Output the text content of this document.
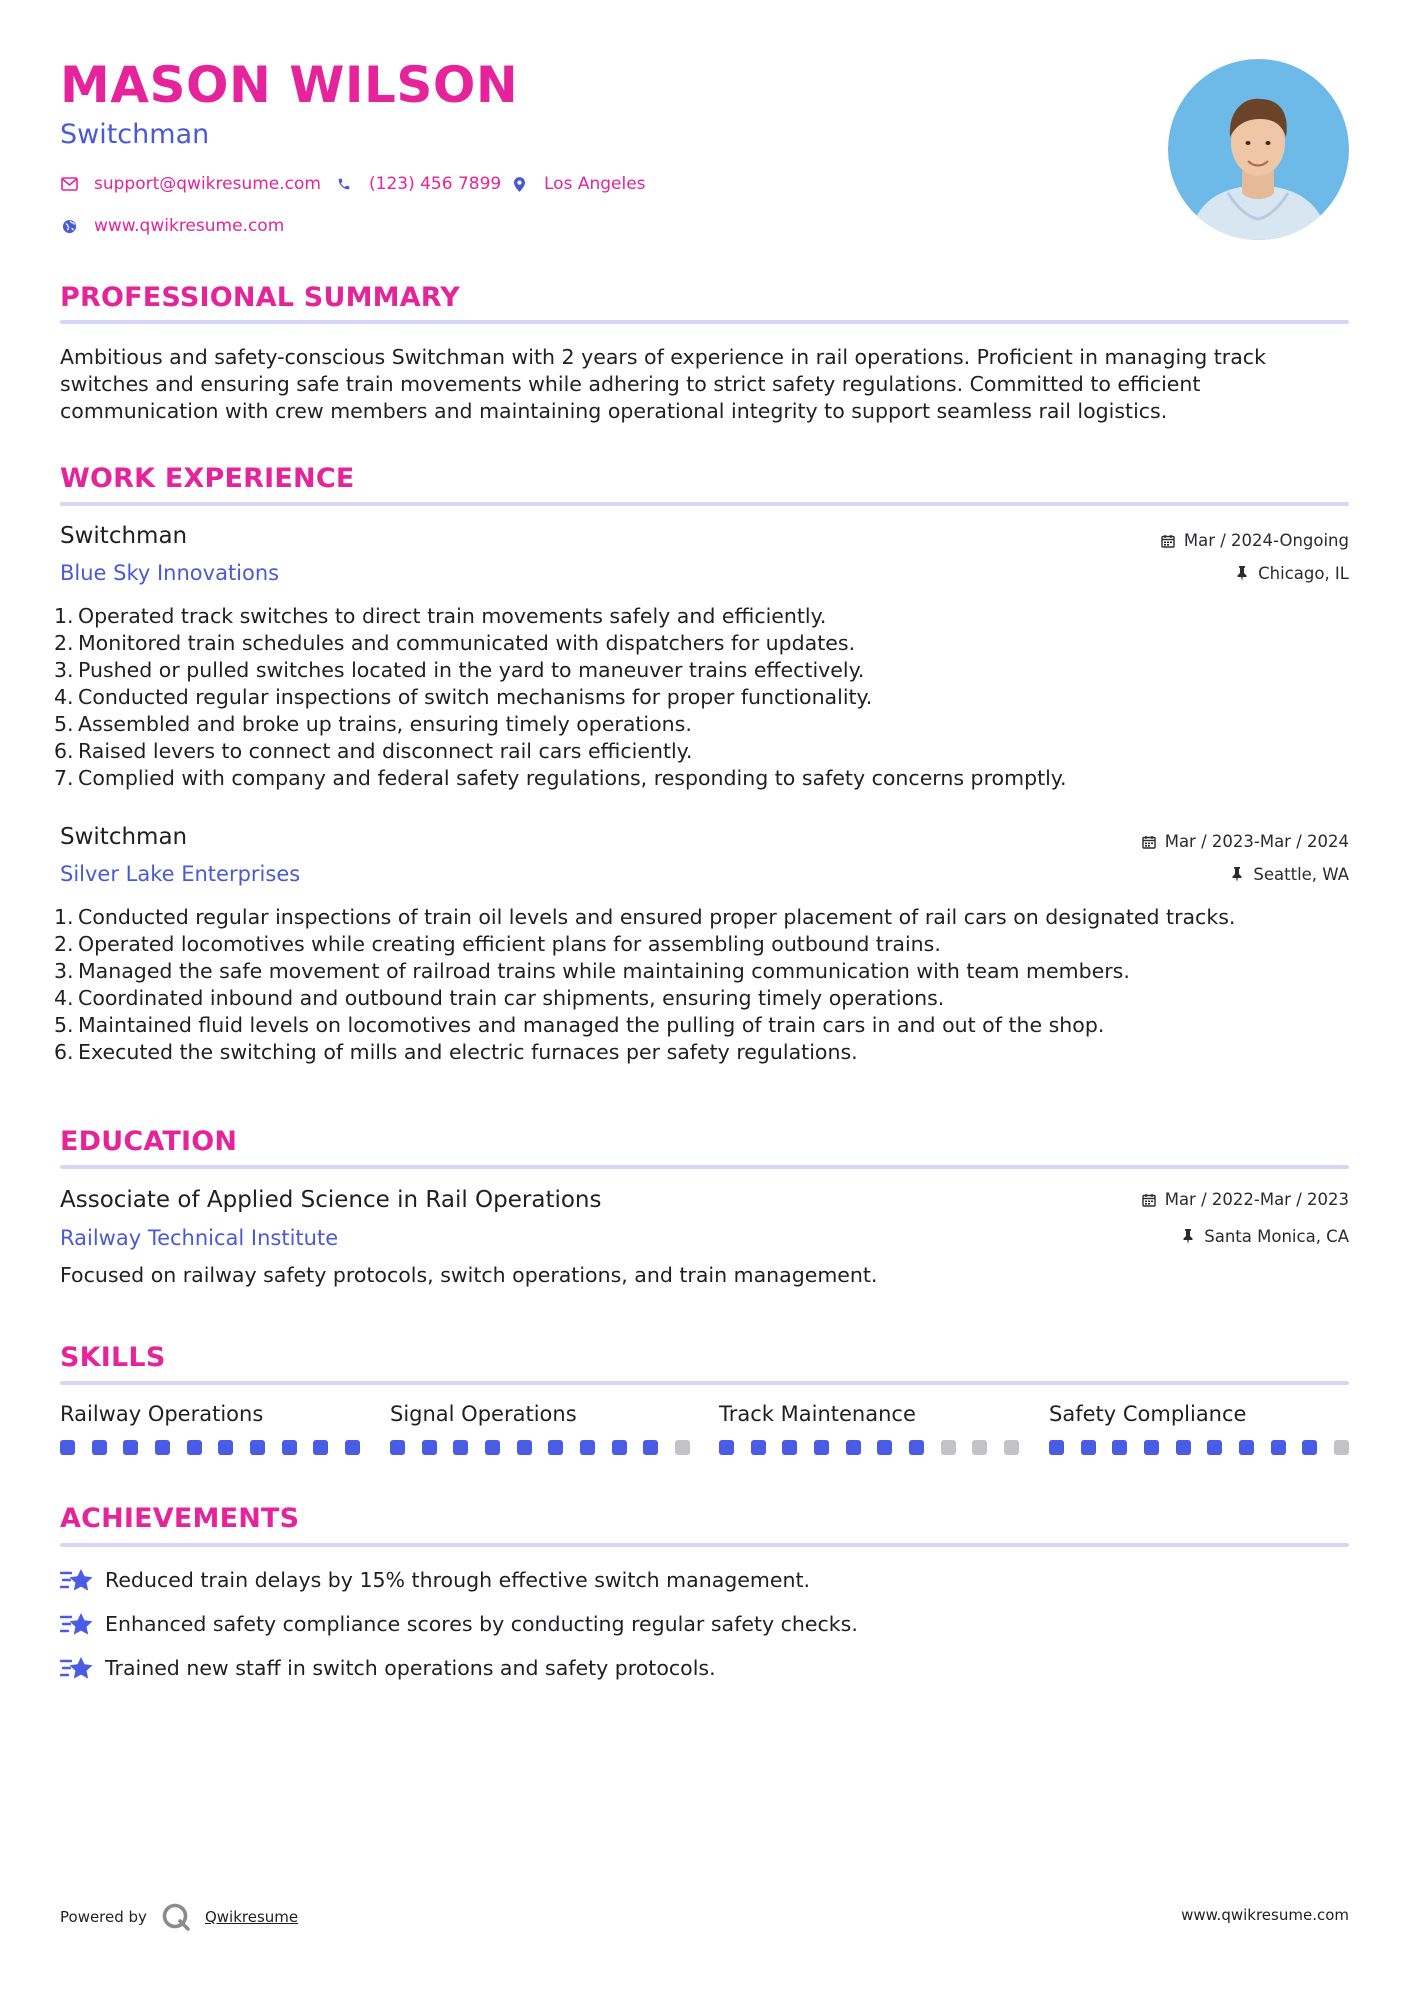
MASON WILSON
Switchman
support@qwikresume.com	(123) 456 7899	Los Angeles
www.qwikresume.com
PROFESSIONAL SUMMARY
Ambitious and safety-conscious Switchman with 2 years of experience in rail operations. Proficient in managing track switches and ensuring safe train movements while adhering to strict safety regulations. Committed to efficient communication with crew members and maintaining operational integrity to support seamless rail logistics.
WORK EXPERIENCE
Switchman
Blue Sky Innovations
Mar / 2024-Ongoing
Chicago, IL
1. Operated track switches to direct train movements safely and efficiently.
2. Monitored train schedules and communicated with dispatchers for updates.
3. Pushed or pulled switches located in the yard to maneuver trains effectively.
4. Conducted regular inspections of switch mechanisms for proper functionality.
5. Assembled and broke up trains, ensuring timely operations.
6. Raised levers to connect and disconnect rail cars efficiently.
7. Complied with company and federal safety regulations, responding to safety concerns promptly.
Switchman
Silver Lake Enterprises
Mar / 2023-Mar / 2024
Seattle, WA
1. Conducted regular inspections of train oil levels and ensured proper placement of rail cars on designated tracks.
2. Operated locomotives while creating efficient plans for assembling outbound trains.
3. Managed the safe movement of railroad trains while maintaining communication with team members.
4. Coordinated inbound and outbound train car shipments, ensuring timely operations.
5. Maintained fluid levels on locomotives and managed the pulling of train cars in and out of the shop.
6. Executed the switching of mills and electric furnaces per safety regulations.
EDUCATION
Associate of Applied Science in Rail Operations
Railway Technical Institute
Mar / 2022-Mar / 2023
Santa Monica, CA
Focused on railway safety protocols, switch operations, and train management.
SKILLS
Railway Operations	Signal Operations	Track Maintenance	Safety Compliance
ACHIEVEMENTS
Reduced train delays by 15% through effective switch management.
Enhanced safety compliance scores by conducting regular safety checks.
Trained new staff in switch operations and safety protocols.
Powered by	Qwikresume	www.qwikresume.com
